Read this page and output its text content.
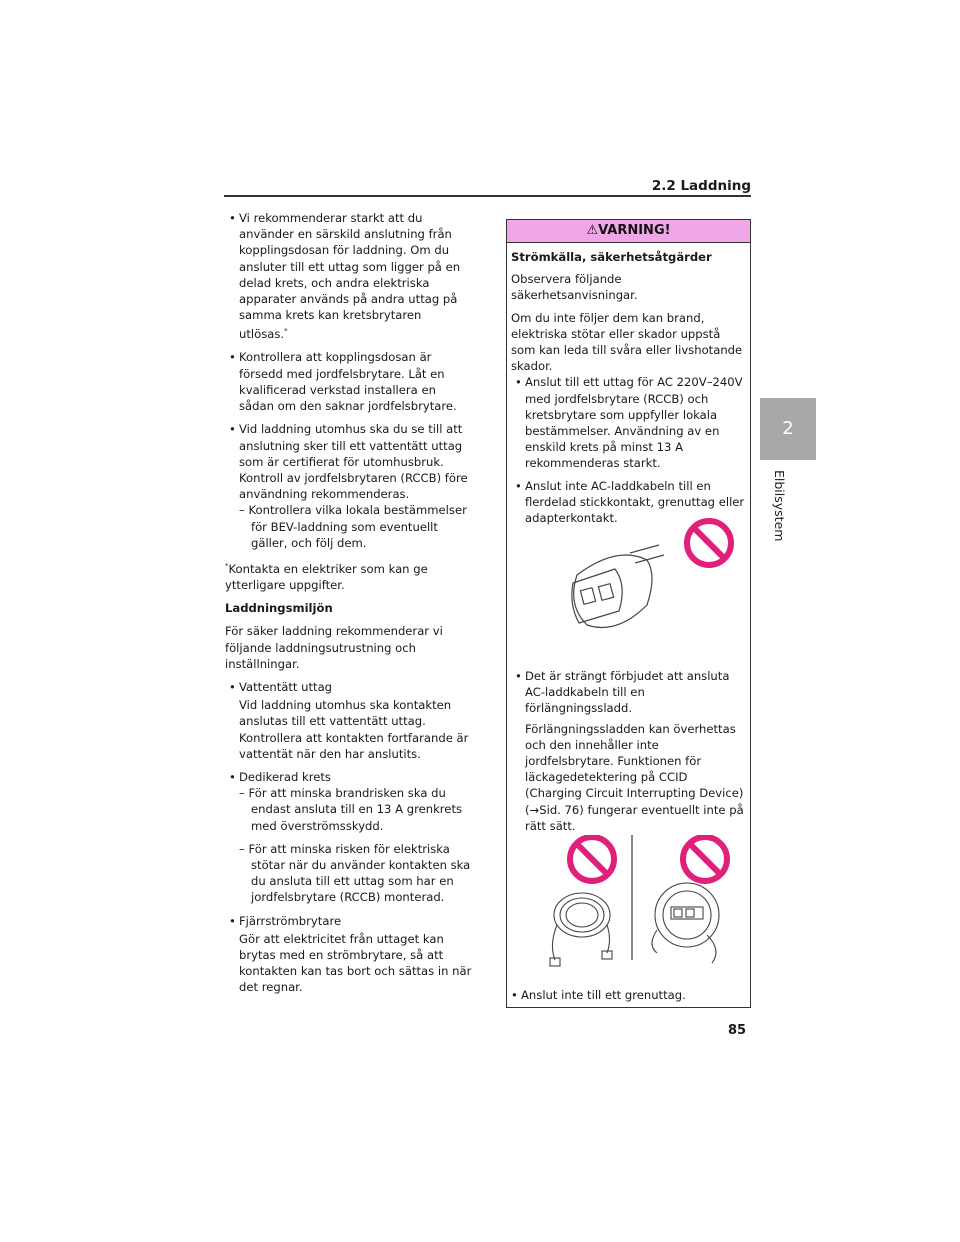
2.2 Laddning
2
Elbilsystem

• Vi rekommenderar starkt att du använder en särskild anslutning från kopplingsdosan för laddning. Om du ansluter till ett uttag som ligger på en delad krets, och andra elektriska apparater används på andra uttag på samma krets kan kretsbrytaren utlösas.*

• Kontrollera att kopplingsdosan är försedd med jordfelsbrytare. Låt en kvalificerad verkstad installera en sådan om den saknar jordfelsbrytare.

• Vid laddning utomhus ska du se till att anslutning sker till ett vattentätt uttag som är certifierat för utomhusbruk. Kontroll av jordfelsbrytaren (RCCB) före användning rekommenderas.

– Kontrollera vilka lokala bestämmelser för BEV-laddning som eventuellt gäller, och följ dem.

*Kontakta en elektriker som kan ge ytterligare uppgifter.

Laddningsmiljön

För säker laddning rekommenderar vi följande laddningsutrustning och inställningar.

• Vattentätt uttag

Vid laddning utomhus ska kontakten anslutas till ett vattentätt uttag. Kontrollera att kontakten fortfarande är vattentät när den har anslutits.

• Dedikerad krets

– För att minska brandrisken ska du endast ansluta till en 13 A grenkrets med överströmsskydd.

– För att minska risken för elektriska stötar när du använder kontakten ska du ansluta till ett uttag som har en jordfelsbrytare (RCCB) monterad.

• Fjärrströmbrytare

Gör att elektricitet från uttaget kan brytas med en strömbrytare, så att kontakten kan tas bort och sättas in när det regnar.

⚠VARNING!

Strömkälla, säkerhetsåtgärder

Observera följande säkerhetsanvisningar.

Om du inte följer dem kan brand, elektriska stötar eller skador uppstå som kan leda till svåra eller livshotande skador.

• Anslut till ett uttag för AC 220V–240V med jordfelsbrytare (RCCB) och kretsbrytare som uppfyller lokala bestämmelser. Användning av en enskild krets på minst 13 A rekommenderas starkt.

• Anslut inte AC-laddkabeln till en flerdelad stickkontakt, grenuttag eller adapterkontakt.

• Det är strängt förbjudet att ansluta AC-laddkabeln till en förlängningssladd.

Förlängningssladden kan överhettas och den innehåller inte jordfelsbrytare. Funktionen för läckagedetektering på CCID (Charging Circuit Interrupting Device) (→Sid. 76) fungerar eventuellt inte på rätt sätt.

• Anslut inte till ett grenuttag.
85
